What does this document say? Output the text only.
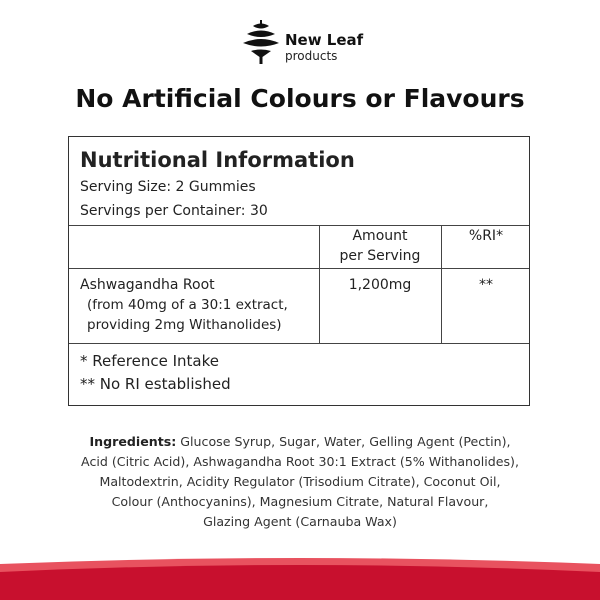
New Leaf
products
No Artificial Colours or Flavours
Nutritional Information
Serving Size: 2 Gummies
Servings per Container: 30
Amount
per Serving
%RI*
Ashwagandha Root
(from 40mg of a 30:1 extract,
providing 2mg Withanolides)
1,200mg	**
* Reference Intake
** No RI established
Ingredients: Glucose Syrup, Sugar, Water, Gelling Agent (Pectin),
Acid (Citric Acid), Ashwagandha Root 30:1 Extract (5% Withanolides),
Maltodextrin, Acidity Regulator (Trisodium Citrate), Coconut Oil,
Colour (Anthocyanins), Magnesium Citrate, Natural Flavour,
Glazing Agent (Carnauba Wax)
